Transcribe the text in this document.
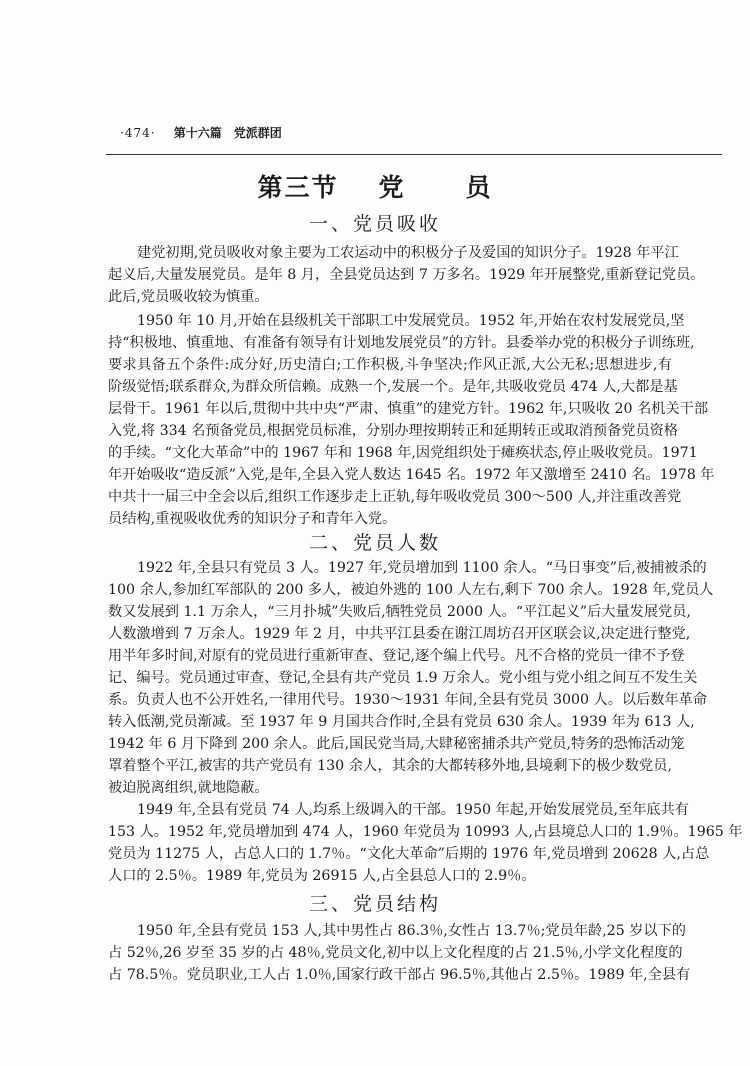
·474· 第十六篇　党派群团
第三节 党 员
一、党员吸收
建党初期,党员吸收对象主要为工农运动中的积极分子及爱国的知识分子。1928 年平江
起义后,大量发展党员。是年 8 月，全县党员达到 7 万多名。1929 年开展整党,重新登记党员。
此后,党员吸收较为慎重。
1950 年 10 月,开始在县级机关干部职工中发展党员。1952 年,开始在农村发展党员,坚
持“积极地、慎重地、有准备有领导有计划地发展党员”的方针。县委举办党的积极分子训练班,
要求具备五个条件:成分好,历史清白;工作积极,斗争坚决;作风正派,大公无私;思想进步,有
阶级觉悟;联系群众,为群众所信赖。成熟一个,发展一个。是年,共吸收党员 474 人,大都是基
层骨干。1961 年以后,贯彻中共中央“严肃、慎重”的建党方针。1962 年,只吸收 20 名机关干部
入党,将 334 名预备党员,根据党员标准，分别办理按期转正和延期转正或取消预备党员资格
的手续。“文化大革命”中的 1967 年和 1968 年,因党组织处于瘫痪状态,停止吸收党员。1971
年开始吸收“造反派”入党,是年,全县入党人数达 1645 名。1972 年又激增至 2410 名。1978 年
中共十一届三中全会以后,组织工作逐步走上正轨,每年吸收党员 300～500 人,并注重改善党
员结构,重视吸收优秀的知识分子和青年入党。
二、党员人数
1922 年,全县只有党员 3 人。1927 年,党员增加到 1100 余人。“马日事变”后,被捕被杀的
100 余人,参加红军部队的 200 多人，被迫外逃的 100 人左右,剩下 700 余人。1928 年,党员人
数又发展到 1.1 万余人，“三月扑城”失败后,牺牲党员 2000 人。“平江起义”后大量发展党员,
人数激增到 7 万余人。1929 年 2 月，中共平江县委在谢江周坊召开区联会议,决定进行整党,
用半年多时间,对原有的党员进行重新审查、登记,逐个编上代号。凡不合格的党员一律不予登
记、编号。党员通过审查、登记,全县有共产党员 1.9 万余人。党小组与党小组之间互不发生关
系。负责人也不公开姓名,一律用代号。1930～1931 年间,全县有党员 3000 人。以后数年革命
转入低潮,党员渐减。至 1937 年 9 月国共合作时,全县有党员 630 余人。1939 年为 613 人,
1942 年 6 月下降到 200 余人。此后,国民党当局,大肆秘密捕杀共产党员,特务的恐怖活动笼
罩着整个平江,被害的共产党员有 130 余人，其余的大都转移外地,县境剩下的极少数党员,
被迫脱离组织,就地隐蔽。
1949 年,全县有党员 74 人,均系上级调入的干部。1950 年起,开始发展党员,至年底共有
153 人。1952 年,党员增加到 474 人，1960 年党员为 10993 人,占县境总人口的 1.9％。1965 年
党员为 11275 人，占总人口的 1.7％。“文化大革命”后期的 1976 年,党员增到 20628 人,占总
人口的 2.5％。1989 年,党员为 26915 人,占全县总人口的 2.9％。
三、党员结构
1950 年,全县有党员 153 人,其中男性占 86.3％,女性占 13.7％;党员年龄,25 岁以下的
占 52％,26 岁至 35 岁的占 48％,党员文化,初中以上文化程度的占 21.5％,小学文化程度的
占 78.5％。党员职业,工人占 1.0％,国家行政干部占 96.5％,其他占 2.5％。1989 年,全县有
